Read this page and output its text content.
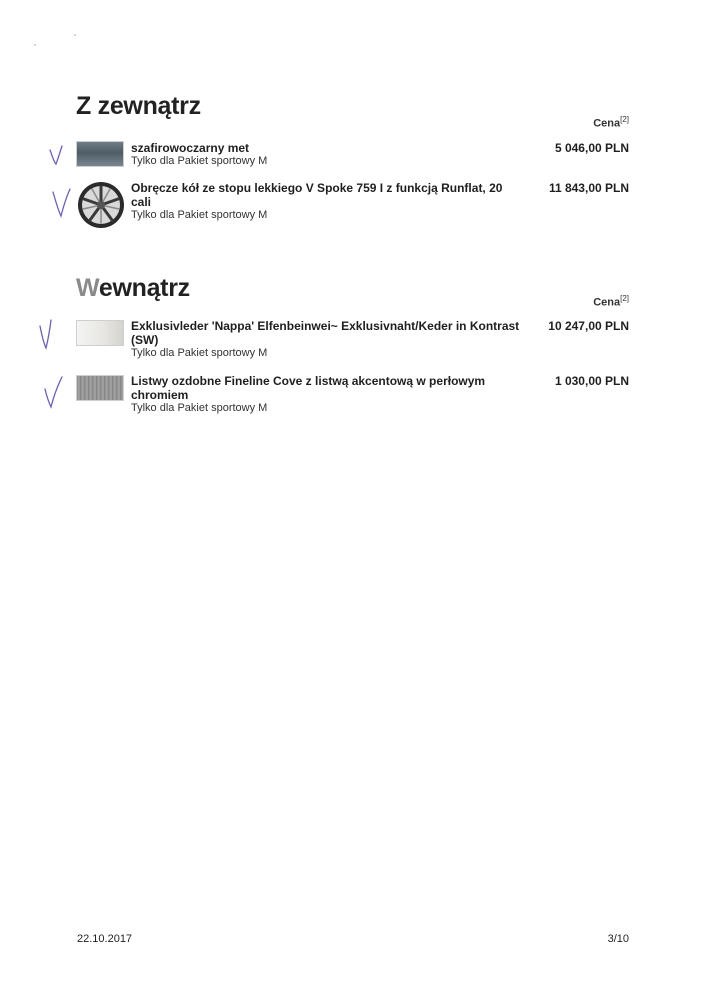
Z zewnątrz
Cena[2]

szafirowoczarny met

Tylko dla Pakiet sportowy M
5 046,00 PLN

Obręcze kół ze stopu lekkiego V Spoke 759 I z funkcją Runflat, 20 cali

Tylko dla Pakiet sportowy M
11 843,00 PLN
Wewnątrz
Cena[2]

Exklusivleder 'Nappa' Elfenbeinwei~ Exklusivnaht/Keder in Kontrast (SW)

Tylko dla Pakiet sportowy M
10 247,00 PLN

Listwy ozdobne Fineline Cove z listwą akcentową w perłowym chromiem

Tylko dla Pakiet sportowy M
1 030,00 PLN
22.10.2017	3/10
